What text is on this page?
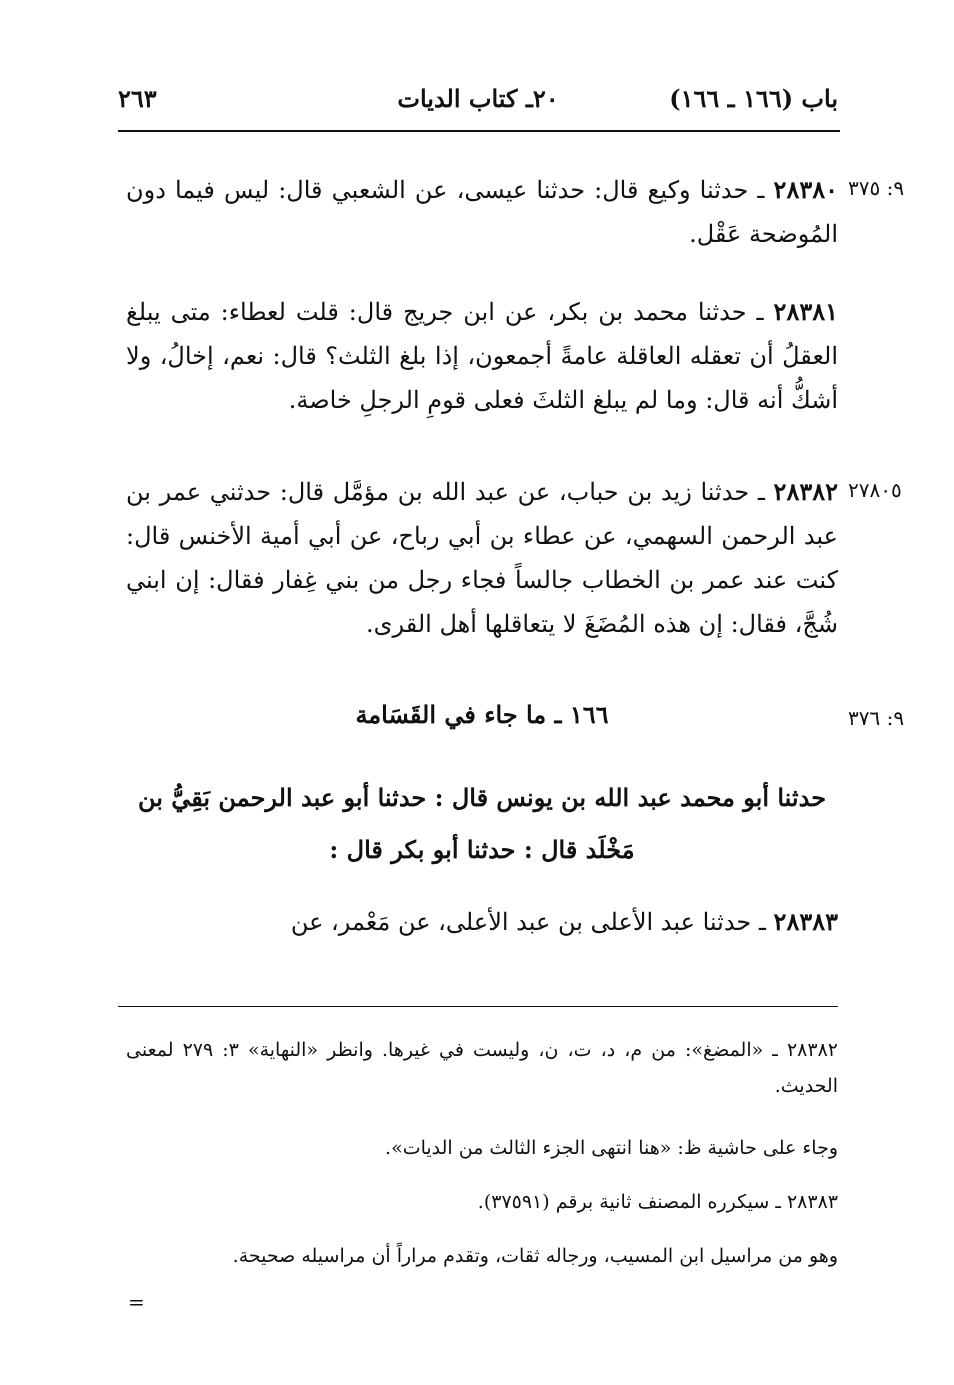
باب (١٦٦ ـ ١٦٦)
٢٠ـ كتاب الديات
٢٦٣
٩: ٣٧٥
٢٨٣٨٠ ـ حدثنا وكيع قال: حدثنا عيسى، عن الشعبي قال: ليس فيما دون المُوضحة عَقْل.
٢٨٣٨١ ـ حدثنا محمد بن بكر، عن ابن جريج قال: قلت لعطاء: متى يبلغ العقلُ أن تعقله العاقلة عامةً أجمعون، إذا بلغ الثلث؟ قال: نعم، إخالُ، ولا أشكُّ أنه قال: وما لم يبلغ الثلثَ فعلى قومِ الرجلِ خاصة.
٢٧٨٠٥
٢٨٣٨٢ ـ حدثنا زيد بن حباب، عن عبد الله بن مؤمَّل قال: حدثني عمر بن عبد الرحمن السهمي، عن عطاء بن أبي رباح، عن أبي أمية الأخنس قال: كنت عند عمر بن الخطاب جالساً فجاء رجل من بني غِفار فقال: إن ابني شُجَّ، فقال: إن هذه المُضَغَ لا يتعاقلها أهل القرى.
٩: ٣٧٦
١٦٦ ـ ما جاء في القَسَامة
حدثنا أبو محمد عبد الله بن يونس قال : حدثنا أبو عبد الرحمن بَقِيُّ بن
مَخْلَد قال : حدثنا أبو بكر قال :
٢٨٣٨٣ ـ حدثنا عبد الأعلى بن عبد الأعلى، عن مَعْمر، عن
٢٨٣٨٢ ـ «المضغ»: من م، د، ت، ن، وليست في غيرها. وانظر «النهاية» ٣: ٢٧٩ لمعنى الحديث.
وجاء على حاشية ظ: «هنا انتهى الجزء الثالث من الديات».
٢٨٣٨٣ ـ سيكرره المصنف ثانية برقم (٣٧٥٩١).
وهو من مراسيل ابن المسيب، ورجاله ثقات، وتقدم مراراً أن مراسيله صحيحة.
=
